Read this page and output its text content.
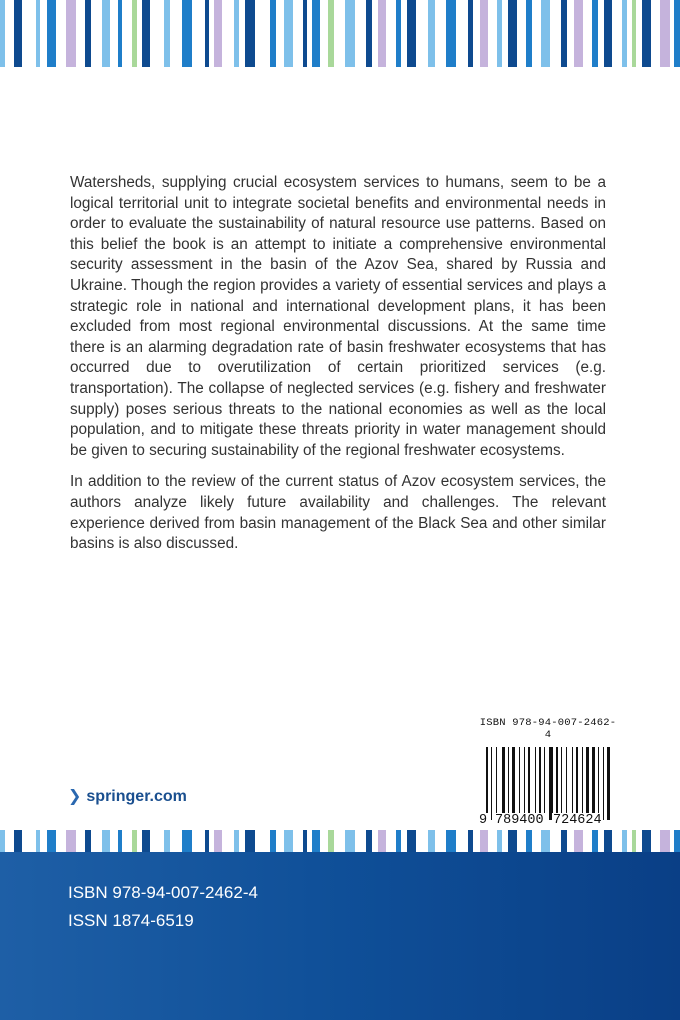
Watersheds, supplying crucial ecosystem services to humans, seem to be a logical territorial unit to integrate societal benefits and environmental needs in order to evaluate the sustainability of natural resource use patterns. Based on this belief the book is an attempt to initiate a comprehensive environmental security assessment in the basin of the Azov Sea, shared by Russia and Ukraine. Though the region provides a variety of essential services and plays a strategic role in national and international development plans, it has been excluded from most regional environmental discussions. At the same time there is an alarming degradation rate of basin freshwater ecosystems that has occurred due to overutilization of certain prioritized services (e.g. transportation). The collapse of neglected services (e.g. fishery and freshwater supply) poses serious threats to the national economies as well as the local population, and to mitigate these threats priority in water management should be given to securing sustainability of the regional freshwater ecosystems.

In addition to the review of the current status of Azov ecosystem services, the authors analyze likely future availability and challenges. The relevant experience derived from basin management of the Black Sea and other similar basins is also discussed.

ISBN 978-94-007-2462-4
9 789400 724624
❯ springer.com
ISBN 978-94-007-2462-4
ISSN 1874-6519
